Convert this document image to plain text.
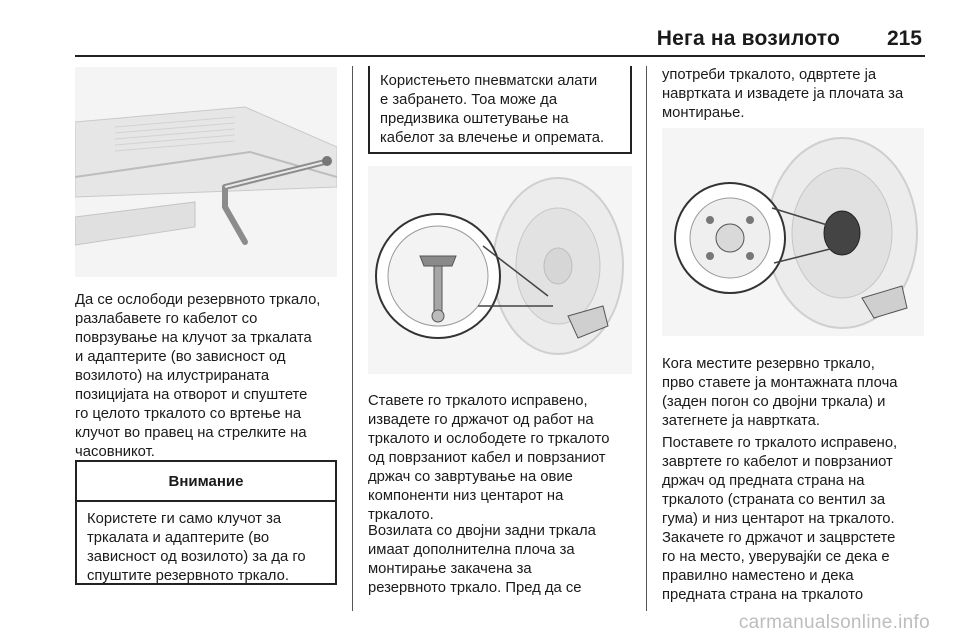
Нега на возилото 215
Да се ослободи резервното тркало,
разлабавете го кабелот со
поврзување на клучот за тркалата
и адаптерите (во зависност од
возилото) на илустрираната
позицијата на отворот и спуштете
го целото тркалото со вртење на
клучот во правец на стрелките на
часовникот.
Внимание
Користете ги само клучот за
тркалата и адаптерите (во
зависност од возилото) за да го
спуштите резервното тркало.
Користењето пневматски алати
е забрането. Тоа може да
предизвика оштетување на
кабелот за влечење и опремата.
Ставете го тркалото исправено,
извадете го држачот од работ на
тркалото и ослободете го тркалото
од поврзаниот кабел и поврзаниот
држач со завртување на овие
компоненти низ центарот на
тркалото.
Возилата со двојни задни тркала
имаат дополнителна плоча за
монтирање закачена за
резервното тркало. Пред да се
употреби тркалото, одвртете ја
навртката и извадете ја плочата за
монтирање.
Кога местите резервно тркало,
прво ставете ја монтажната плоча
(заден погон со двојни тркала) и
затегнете ја навртката.
Поставете го тркалото исправено,
завртете го кабелот и поврзаниот
држач од предната страна на
тркалото (страната со вентил за
гума) и низ центарот на тркалото.
Закачете го држачот и зацврстете
го на место, уверувајќи се дека е
правилно наместено и дека
предната страна на тркалото
carmanualsonline.info
